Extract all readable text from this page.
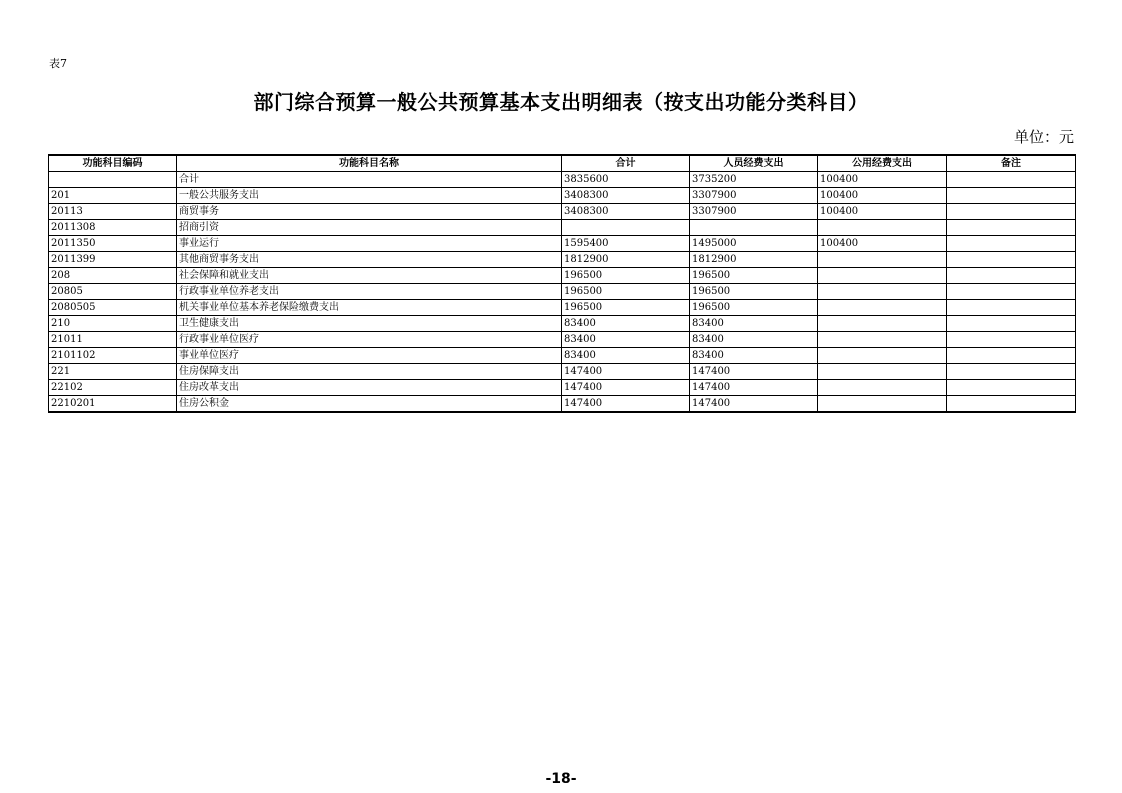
表7
部门综合预算一般公共预算基本支出明细表（按支出功能分类科目）
单位：元
功能科目编码	功能科目名称	合计	人员经费支出	公用经费支出	备注
	合计	3835600	3735200	100400	
201	一般公共服务支出	3408300	3307900	100400	
20113	商贸事务	3408300	3307900	100400	
2011308	招商引资				
2011350	事业运行	1595400	1495000	100400	
2011399	其他商贸事务支出	1812900	1812900		
208	社会保障和就业支出	196500	196500		
20805	行政事业单位养老支出	196500	196500		
2080505	机关事业单位基本养老保险缴费支出	196500	196500		
210	卫生健康支出	83400	83400		
21011	行政事业单位医疗	83400	83400		
2101102	事业单位医疗	83400	83400		
221	住房保障支出	147400	147400		
22102	住房改革支出	147400	147400		
2210201	住房公积金	147400	147400		
-18-
